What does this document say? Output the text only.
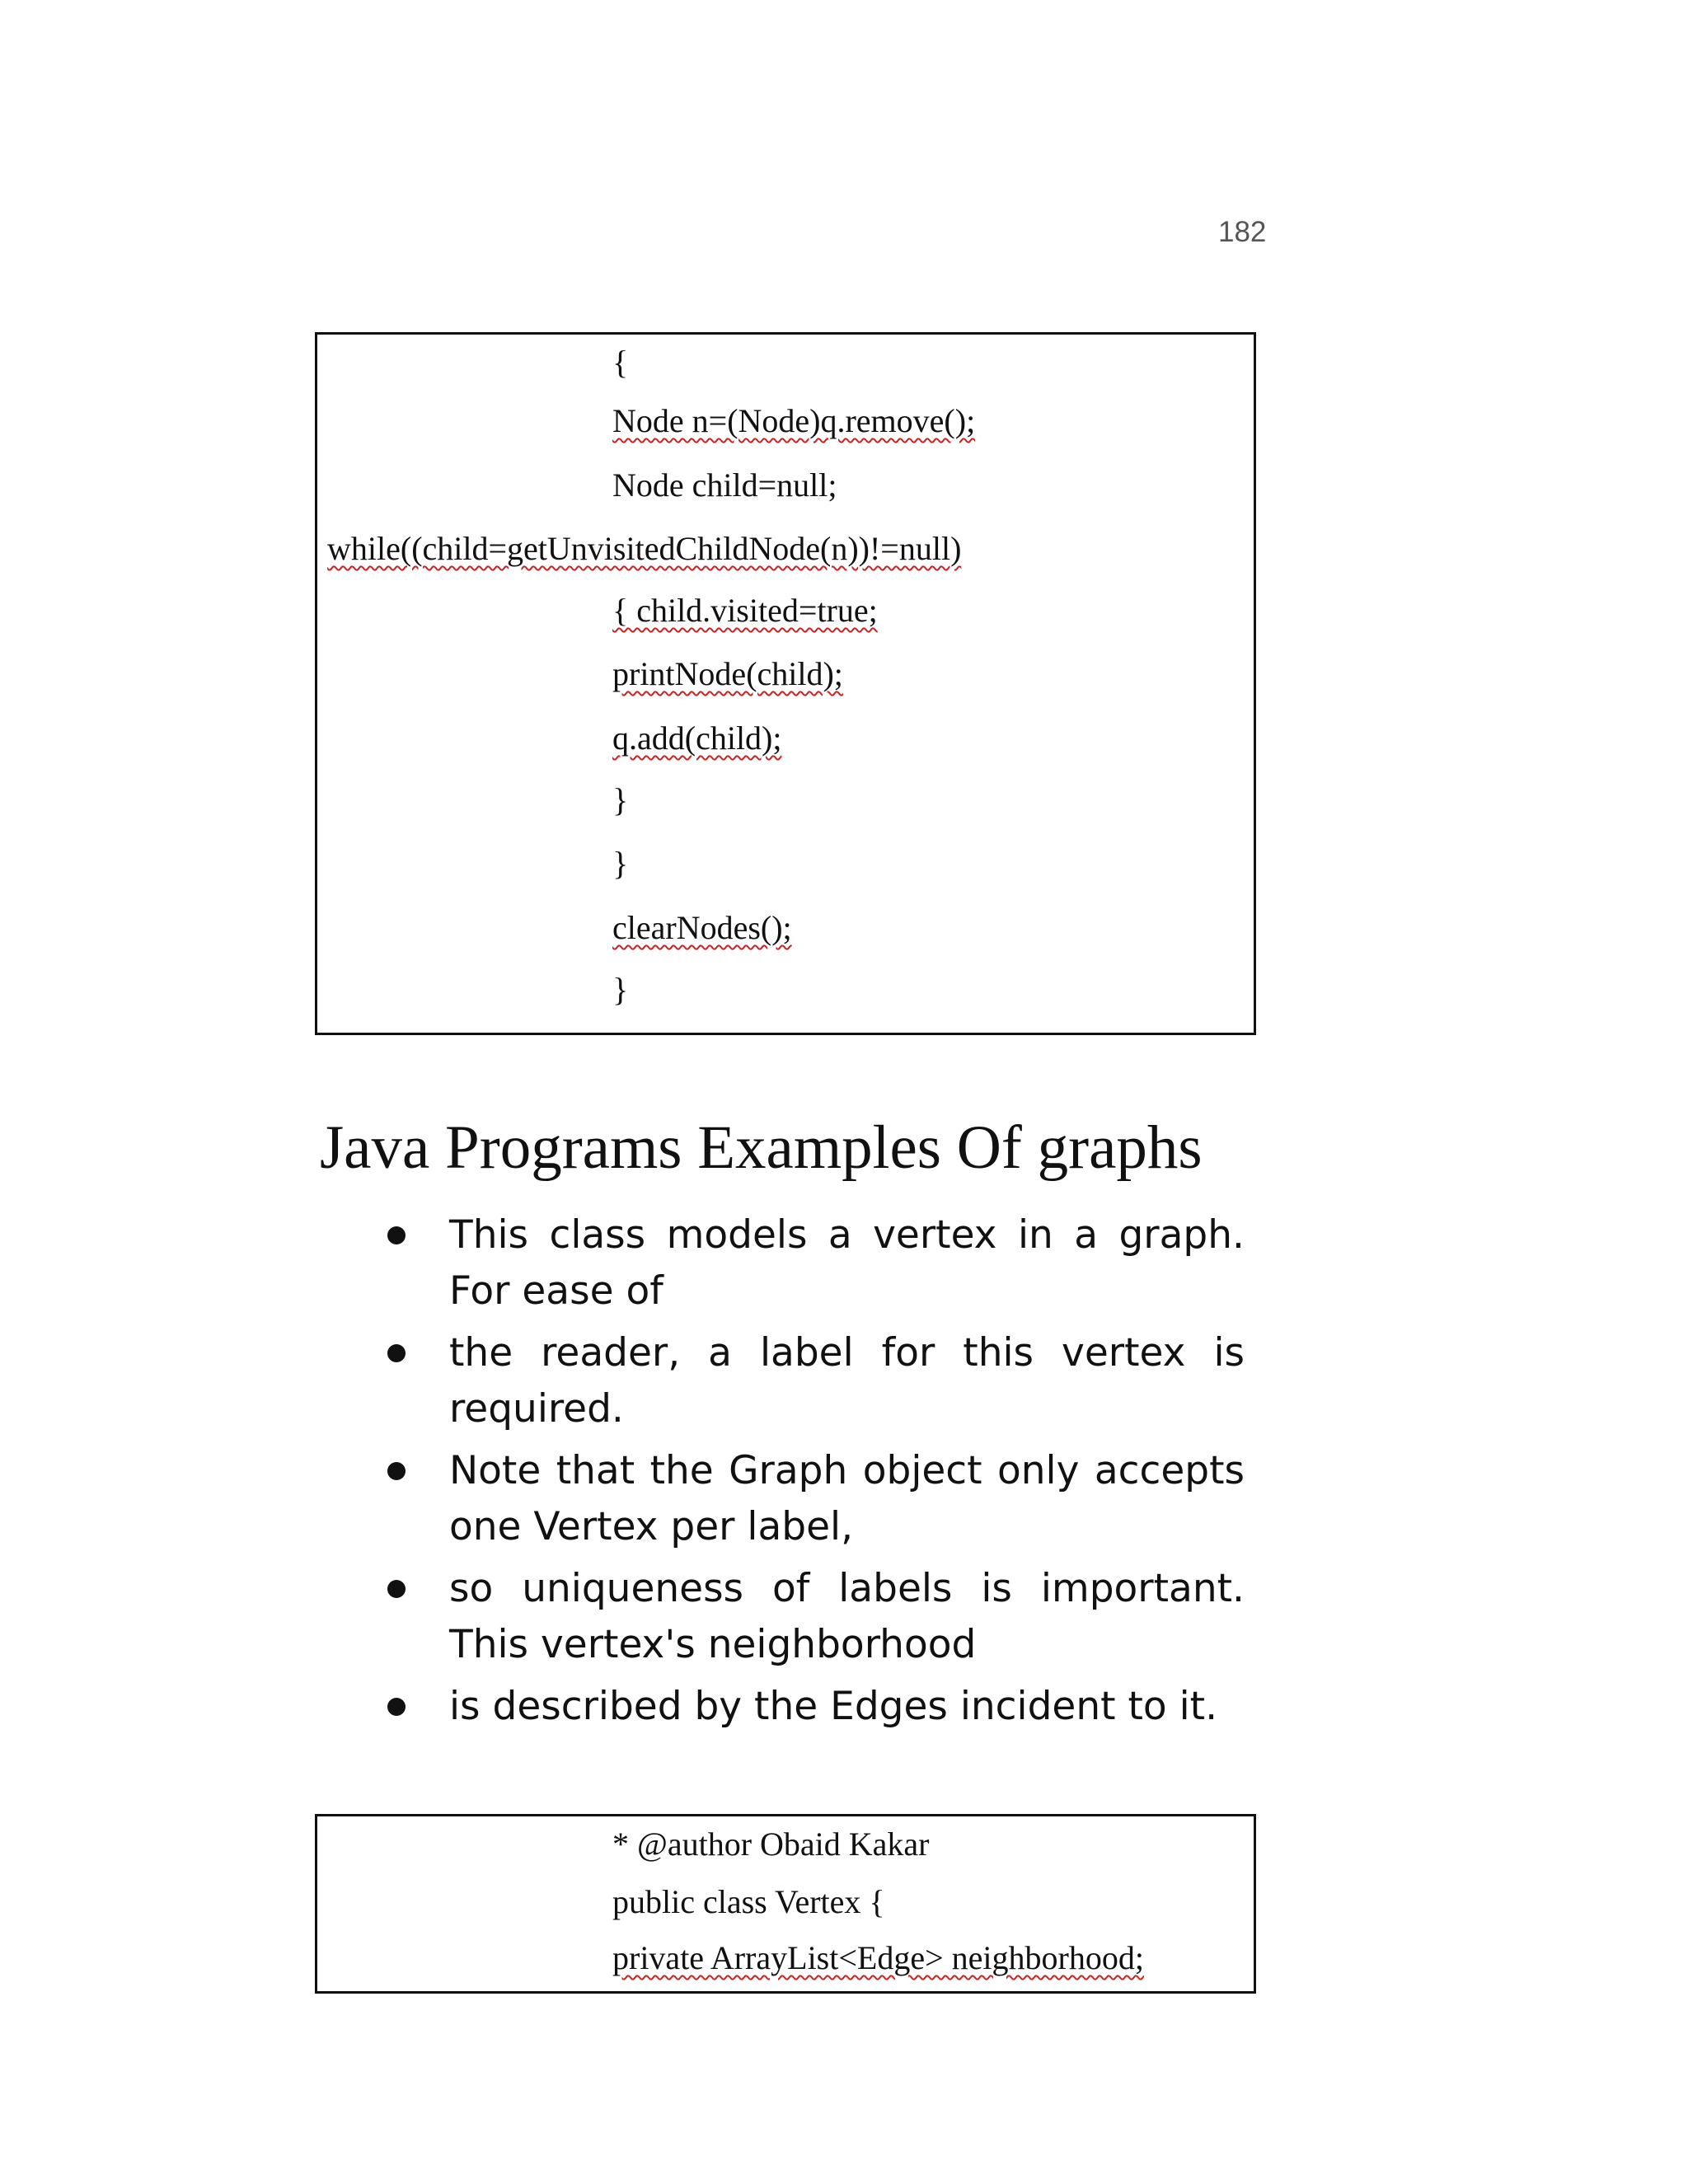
182
{
Node n=(Node)q.remove();
Node child=null;
while((child=getUnvisitedChildNode(n))!=null)
{ child.visited=true;
printNode(child);
q.add(child);
}
}
clearNodes();
}
Java Programs Examples Of graphs
This class models a vertex in a graph. For ease of
the reader, a label for this vertex is required.
Note that the Graph object only accepts one Vertex per label,
so uniqueness of labels is important. This vertex's neighborhood
is described by the Edges incident to it.
* @author Obaid Kakar
public class Vertex {
private ArrayList<Edge> neighborhood;
